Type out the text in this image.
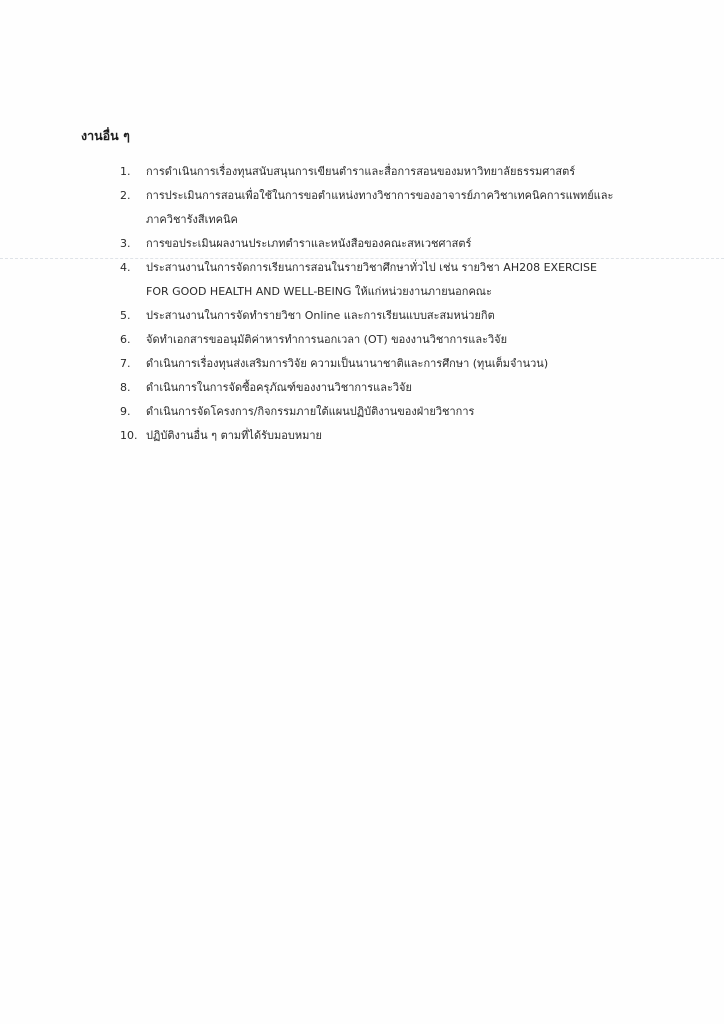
งานอื่น ๆ
1.	การดำเนินการเรื่องทุนสนับสนุนการเขียนตำราและสื่อการสอนของมหาวิทยาลัยธรรมศาสตร์
2.	การประเมินการสอนเพื่อใช้ในการขอตำแหน่งทางวิชาการของอาจารย์ภาควิชาเทคนิคการแพทย์และ
ภาควิชารังสีเทคนิค
3.	การขอประเมินผลงานประเภทตำราและหนังสือของคณะสหเวชศาสตร์
4.	ประสานงานในการจัดการเรียนการสอนในรายวิชาศึกษาทั่วไป เช่น รายวิชา AH208 EXERCISE
FOR GOOD HEALTH AND WELL-BEING ให้แก่หน่วยงานภายนอกคณะ
5.	ประสานงานในการจัดทำรายวิชา Online และการเรียนแบบสะสมหน่วยกิต
6.	จัดทำเอกสารขออนุมัติค่าหารทำการนอกเวลา (OT) ของงานวิชาการและวิจัย
7.	ดำเนินการเรื่องทุนส่งเสริมการวิจัย ความเป็นนานาชาติและการศึกษา (ทุนเต็มจำนวน)
8.	ดำเนินการในการจัดซื้อครุภัณฑ์ของงานวิชาการและวิจัย
9.	ดำเนินการจัดโครงการ/กิจกรรมภายใต้แผนปฏิบัติงานของฝ่ายวิชาการ
10. ปฏิบัติงานอื่น ๆ ตามที่ได้รับมอบหมาย
